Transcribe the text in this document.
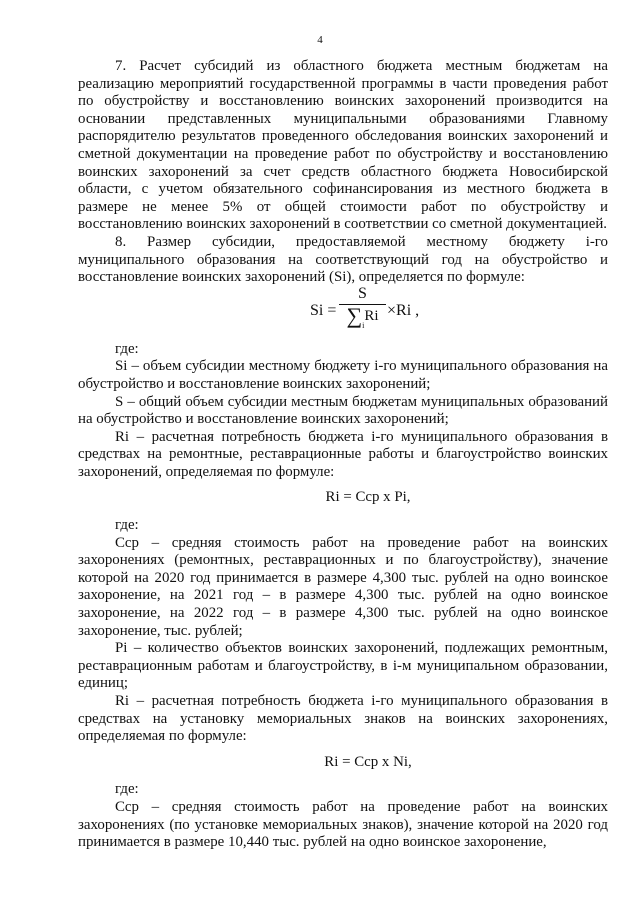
4

7. Расчет субсидий из областного бюджета местным бюджетам на реализацию мероприятий государственной программы в части проведения работ по обустройству и восстановлению воинских захоронений производится на основании представленных муниципальными образованиями Главному распорядителю результатов проведенного обследования воинских захоронений и сметной документации на проведение работ по обустройству и восстановлению воинских захоронений за счет средств областного бюджета Новосибирской области, с учетом обязательного софинансирования из местного бюджета в размере не менее 5% от общей стоимости работ по обустройству и восстановлению воинских захоронений в соответствии со сметной документацией.

8. Размер субсидии, предоставляемой местному бюджету i-го муниципального образования на соответствующий год на обустройство и восстановление воинских захоронений (Si), определяется по формуле:

Si =
S
$\sum_iRi \times Ri$ ,

где:

Si – объем субсидии местному бюджету i-го муниципального образования на обустройство и восстановление воинских захоронений;

S – общий объем субсидии местным бюджетам муниципальных образований на обустройство и восстановление воинских захоронений;

Ri – расчетная потребность бюджета i-го муниципального образования в средствах на ремонтные, реставрационные работы и благоустройство воинских захоронений, определяемая по формуле:

Ri = Cср x Pi,

где:

Cср – средняя стоимость работ на проведение работ на воинских захоронениях (ремонтных, реставрационных и по благоустройству), значение которой на 2020 год принимается в размере 4,300 тыс. рублей на одно воинское захоронение, на 2021 год – в размере 4,300 тыс. рублей на одно воинское захоронение, на 2022 год – в размере 4,300 тыс. рублей на одно воинское захоронение, тыс. рублей;

Pi – количество объектов воинских захоронений, подлежащих ремонтным, реставрационным работам и благоустройству, в i-м муниципальном образовании, единиц;

Ri – расчетная потребность бюджета i-го муниципального образования в средствах на установку мемориальных знаков на воинских захоронениях, определяемая по формуле:

Ri = Cср x Ni,

где:

Cср – средняя стоимость работ на проведение работ на воинских захоронениях (по установке мемориальных знаков), значение которой на 2020 год принимается в размере 10,440 тыс. рублей на одно воинское захоронение,
